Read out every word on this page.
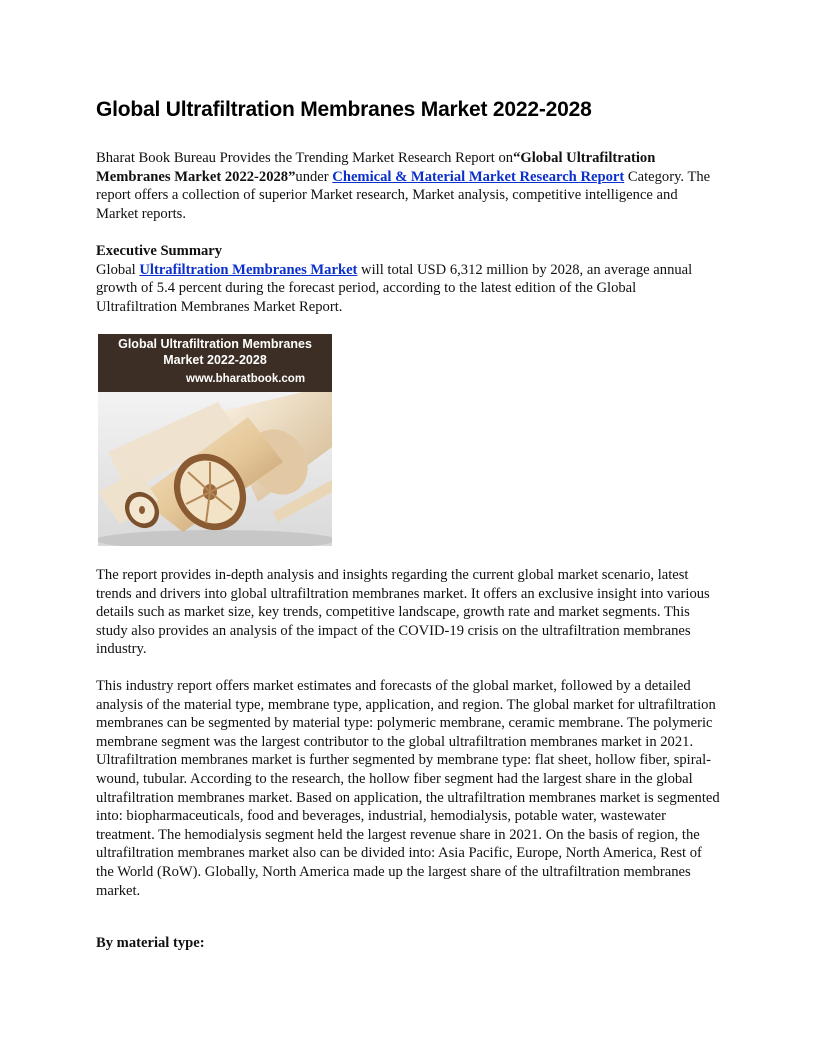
Global Ultrafiltration Membranes Market 2022-2028

Bharat Book Bureau Provides the Trending Market Research Report on“Global Ultrafiltration Membranes Market 2022-2028”under Chemical & Material Market Research Report Category. The report offers a collection of superior Market research, Market analysis, competitive intelligence and Market reports.

Executive Summary
Global Ultrafiltration Membranes Market will total USD 6,312 million by 2028, an average annual growth of 5.4 percent during the forecast period, according to the latest edition of the Global Ultrafiltration Membranes Market Report.

Global Ultrafiltration Membranes
Market 2022-2028
www.bharatbook.com

The report provides in-depth analysis and insights regarding the current global market scenario, latest trends and drivers into global ultrafiltration membranes market. It offers an exclusive insight into various details such as market size, key trends, competitive landscape, growth rate and market segments. This study also provides an analysis of the impact of the COVID-19 crisis on the ultrafiltration membranes industry.

This industry report offers market estimates and forecasts of the global market, followed by a detailed analysis of the material type, membrane type, application, and region. The global market for ultrafiltration membranes can be segmented by material type: polymeric membrane, ceramic membrane. The polymeric membrane segment was the largest contributor to the global ultrafiltration membranes market in 2021. Ultrafiltration membranes market is further segmented by membrane type: flat sheet, hollow fiber, spiral-wound, tubular. According to the research, the hollow fiber segment had the largest share in the global ultrafiltration membranes market. Based on application, the ultrafiltration membranes market is segmented into: biopharmaceuticals, food and beverages, industrial, hemodialysis, potable water, wastewater treatment. The hemodialysis segment held the largest revenue share in 2021. On the basis of region, the ultrafiltration membranes market also can be divided into: Asia Pacific, Europe, North America, Rest of the World (RoW). Globally, North America made up the largest share of the ultrafiltration membranes market.

By material type:
